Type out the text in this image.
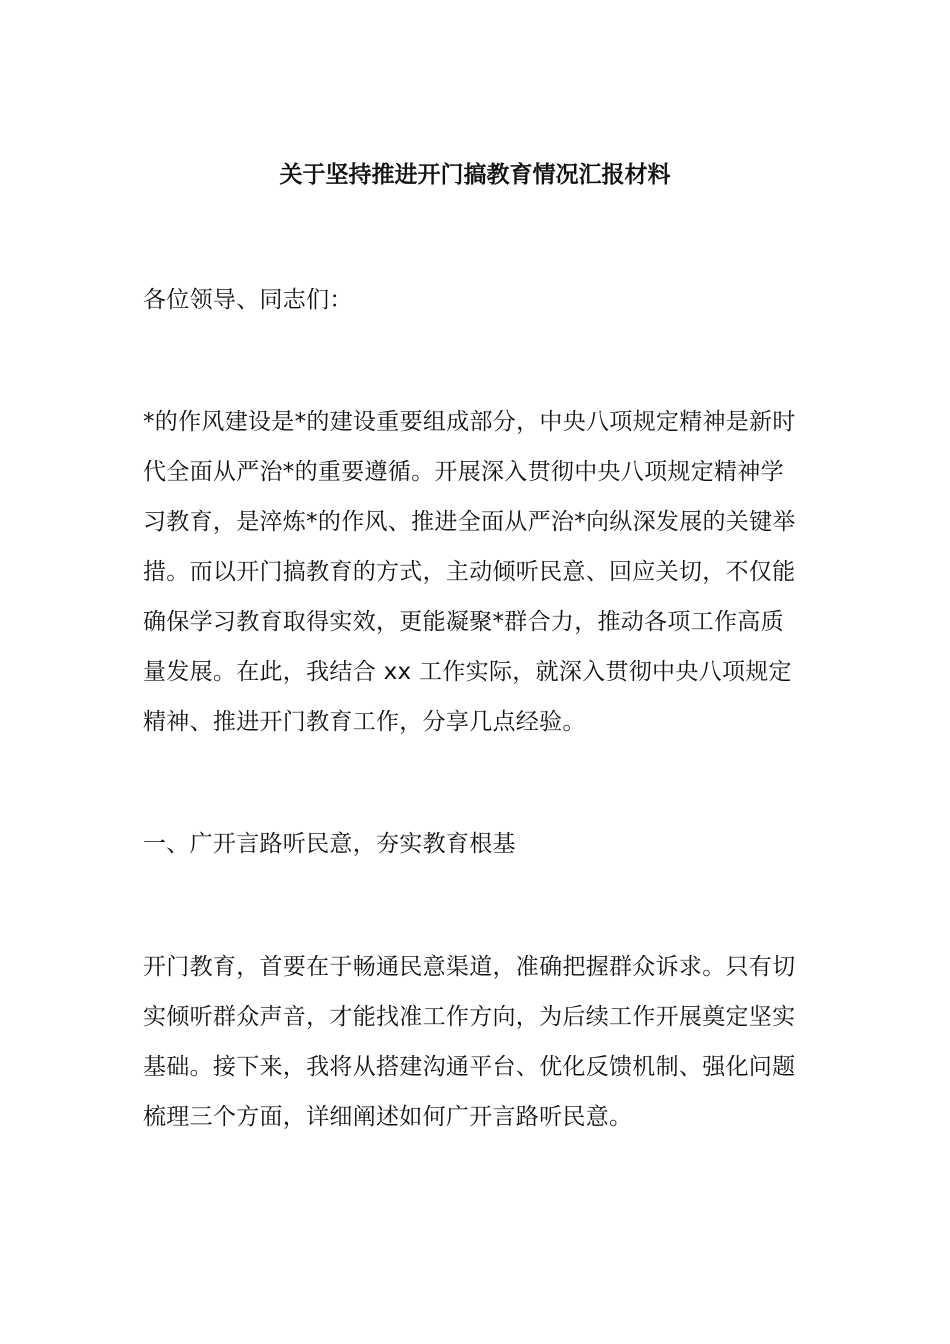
关于坚持推进开门搞教育情况汇报材料

各位领导、同志们：

*的作风建设是*的建设重要组成部分，中央八项规定精神是新时代全面从严治*的重要遵循。开展深入贯彻中央八项规定精神学习教育，是淬炼*的作风、推进全面从严治*向纵深发展的关键举措。而以开门搞教育的方式，主动倾听民意、回应关切，不仅能确保学习教育取得实效，更能凝聚*群合力，推动各项工作高质量发展。在此，我结合 xx 工作实际，就深入贯彻中央八项规定精神、推进开门教育工作，分享几点经验。

一、广开言路听民意，夯实教育根基

开门教育，首要在于畅通民意渠道，准确把握群众诉求。只有切实倾听群众声音，才能找准工作方向，为后续工作开展奠定坚实基础。接下来，我将从搭建沟通平台、优化反馈机制、强化问题梳理三个方面，详细阐述如何广开言路听民意。
